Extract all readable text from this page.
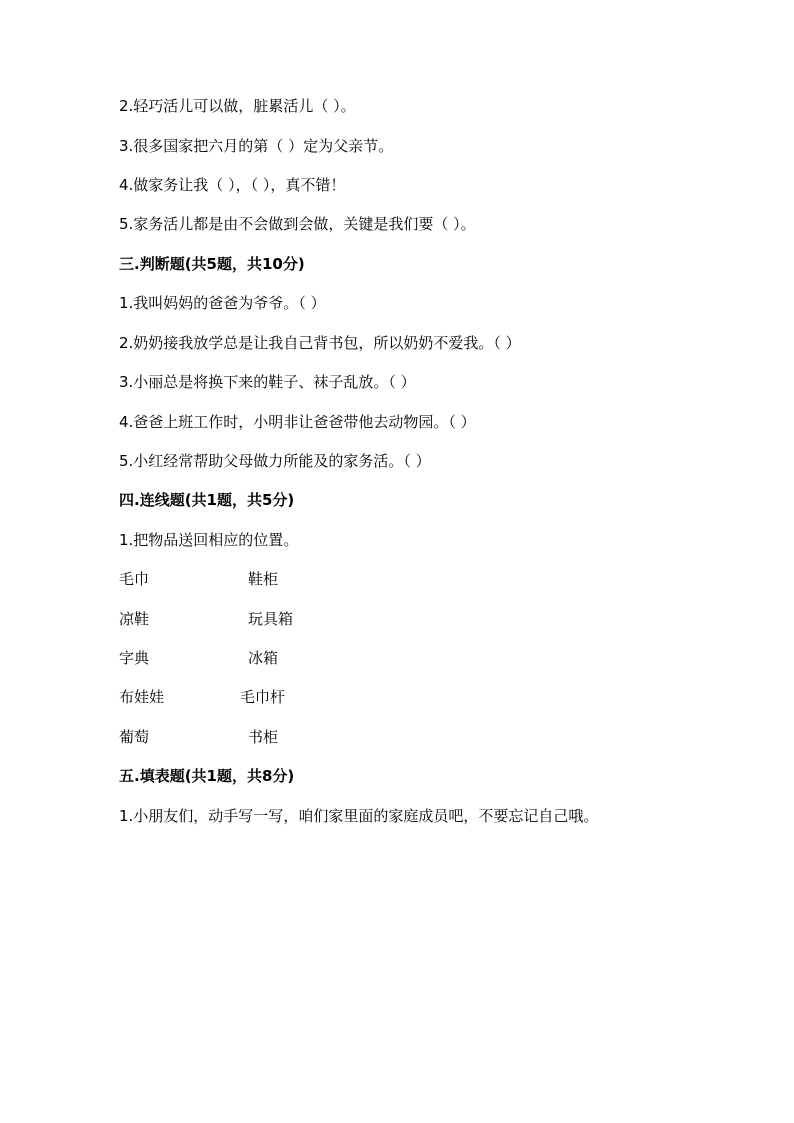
2.轻巧活儿可以做，脏累活儿（ ）。
3.很多国家把六月的第（ ）定为父亲节。
4.做家务让我（ ），（ ），真不错！
5.家务活儿都是由不会做到会做，关键是我们要（ ）。
三.判断题(共5题，共10分)
1.我叫妈妈的爸爸为爷爷。（ ）
2.奶奶接我放学总是让我自己背书包，所以奶奶不爱我。（ ）
3.小丽总是将换下来的鞋子、袜子乱放。（ ）
4.爸爸上班工作时，小明非让爸爸带他去动物园。（ ）
5.小红经常帮助父母做力所能及的家务活。（ ）
四.连线题(共1题，共5分)
1.把物品送回相应的位置。
毛巾	鞋柜
凉鞋	玩具箱
字典	冰箱
布娃娃	毛巾杆
葡萄	书柜
五.填表题(共1题，共8分)
1.小朋友们，动手写一写，咱们家里面的家庭成员吧，不要忘记自己哦。
